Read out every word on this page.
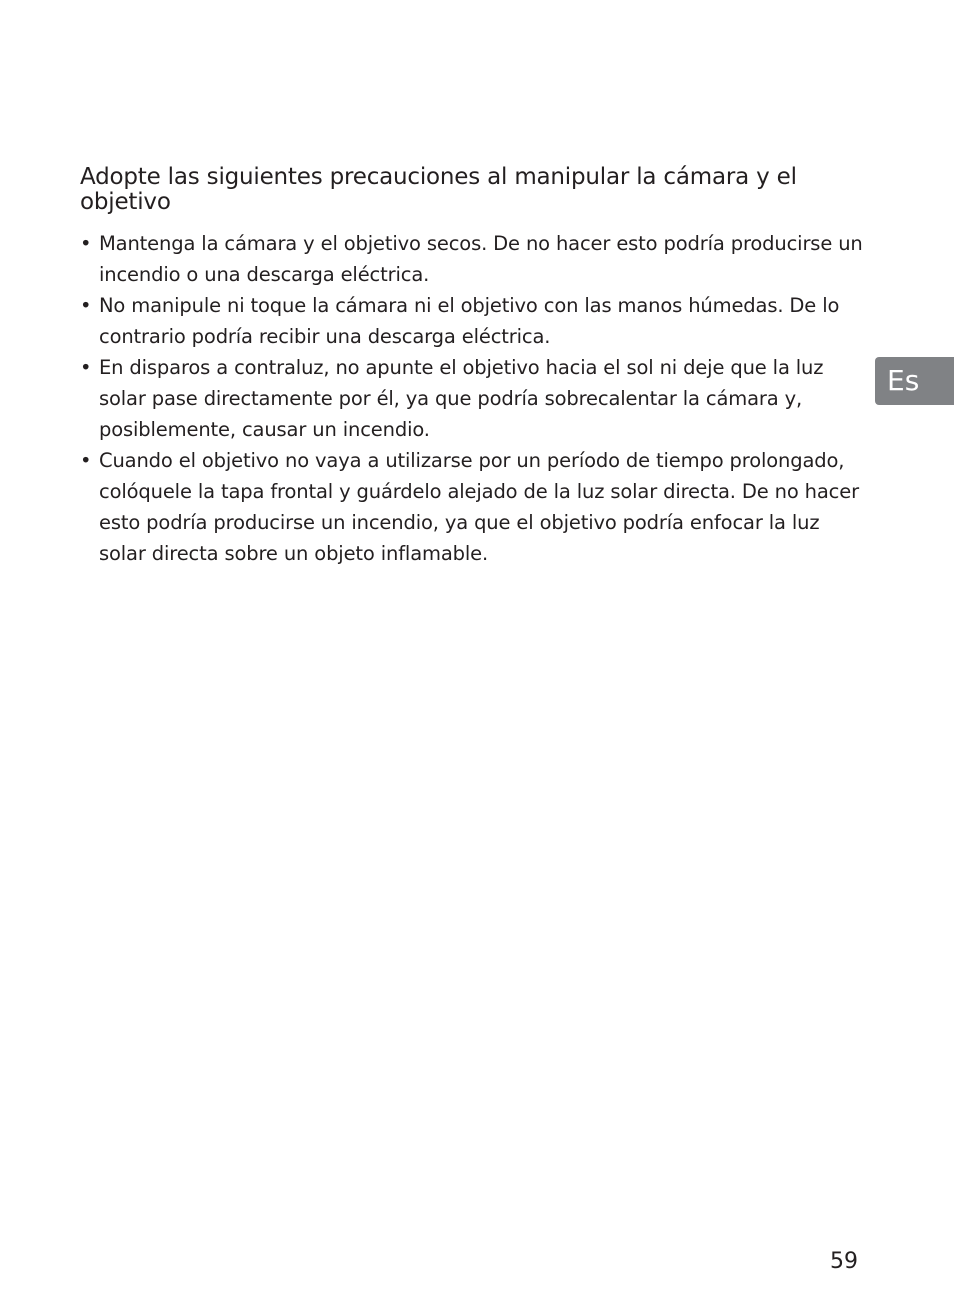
Adopte las siguientes precauciones al manipular la cámara y el objetivo
• Mantenga la cámara y el objetivo secos. De no hacer esto podría producirse un incendio o una descarga eléctrica.
• No manipule ni toque la cámara ni el objetivo con las manos húmedas. De lo contrario podría recibir una descarga eléctrica.
• En disparos a contraluz, no apunte el objetivo hacia el sol ni deje que la luz solar pase directamente por él, ya que podría sobrecalentar la cámara y, posiblemente, causar un incendio.
• Cuando el objetivo no vaya a utilizarse por un período de tiempo prolongado, colóquele la tapa frontal y guárdelo alejado de la luz solar directa. De no hacer esto podría producirse un incendio, ya que el objetivo podría enfocar la luz solar directa sobre un objeto inflamable.
Es
59
